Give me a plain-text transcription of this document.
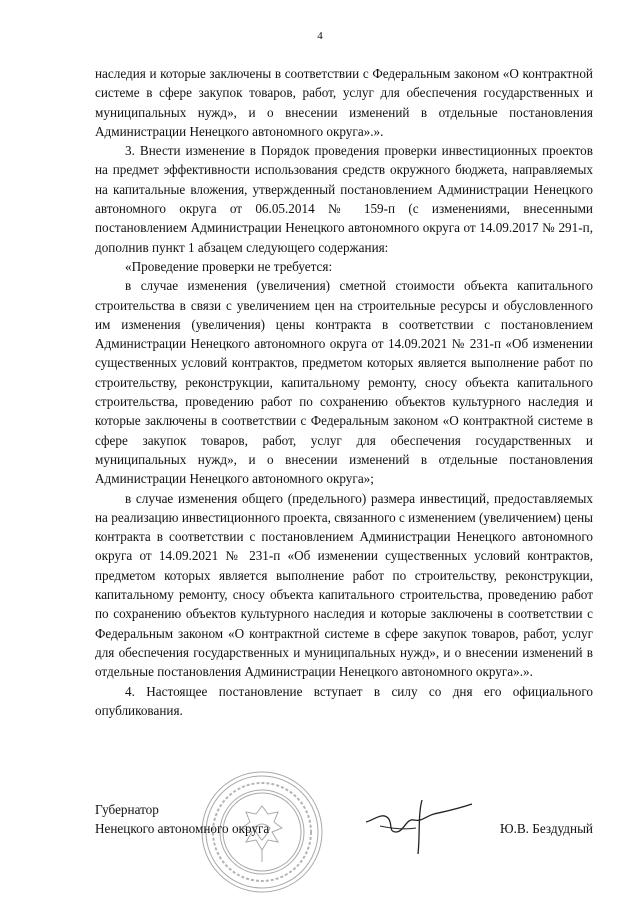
4

наследия и которые заключены в соответствии с Федеральным законом «О контрактной системе в сфере закупок товаров, работ, услуг для обеспечения государственных и муниципальных нужд», и о внесении изменений в отдельные постановления Администрации Ненецкого автономного округа».».

3. Внести изменение в Порядок проведения проверки инвестиционных проектов на предмет эффективности использования средств окружного бюджета, направляемых на капитальные вложения, утвержденный постановлением Администрации Ненецкого автономного округа от 06.05.2014 № 159-п (с изменениями, внесенными постановлением Администрации Ненецкого автономного округа от 14.09.2017 № 291-п, дополнив пункт 1 абзацем следующего содержания:

«Проведение проверки не требуется:

в случае изменения (увеличения) сметной стоимости объекта капитального строительства в связи с увеличением цен на строительные ресурсы и обусловленного им изменения (увеличения) цены контракта в соответствии с постановлением Администрации Ненецкого автономного округа от 14.09.2021 № 231-п «Об изменении существенных условий контрактов, предметом которых является выполнение работ по строительству, реконструкции, капитальному ремонту, сносу объекта капитального строительства, проведению работ по сохранению объектов культурного наследия и которые заключены в соответствии с Федеральным законом «О контрактной системе в сфере закупок товаров, работ, услуг для обеспечения государственных и муниципальных нужд», и о внесении изменений в отдельные постановления Администрации Ненецкого автономного округа»;

в случае изменения общего (предельного) размера инвестиций, предоставляемых на реализацию инвестиционного проекта, связанного с изменением (увеличением) цены контракта в соответствии с постановлением Администрации Ненецкого автономного округа от 14.09.2021 № 231-п «Об изменении существенных условий контрактов, предметом которых является выполнение работ по строительству, реконструкции, капитальному ремонту, сносу объекта капитального строительства, проведению работ по сохранению объектов культурного наследия и которые заключены в соответствии с Федеральным законом «О контрактной системе в сфере закупок товаров, работ, услуг для обеспечения государственных и муниципальных нужд», и о внесении изменений в отдельные постановления Администрации Ненецкого автономного округа».».

4. Настоящее постановление вступает в силу со дня его официального опубликования.

Губернатор
Ненецкого автономного округа	Ю.В. Бездудный
